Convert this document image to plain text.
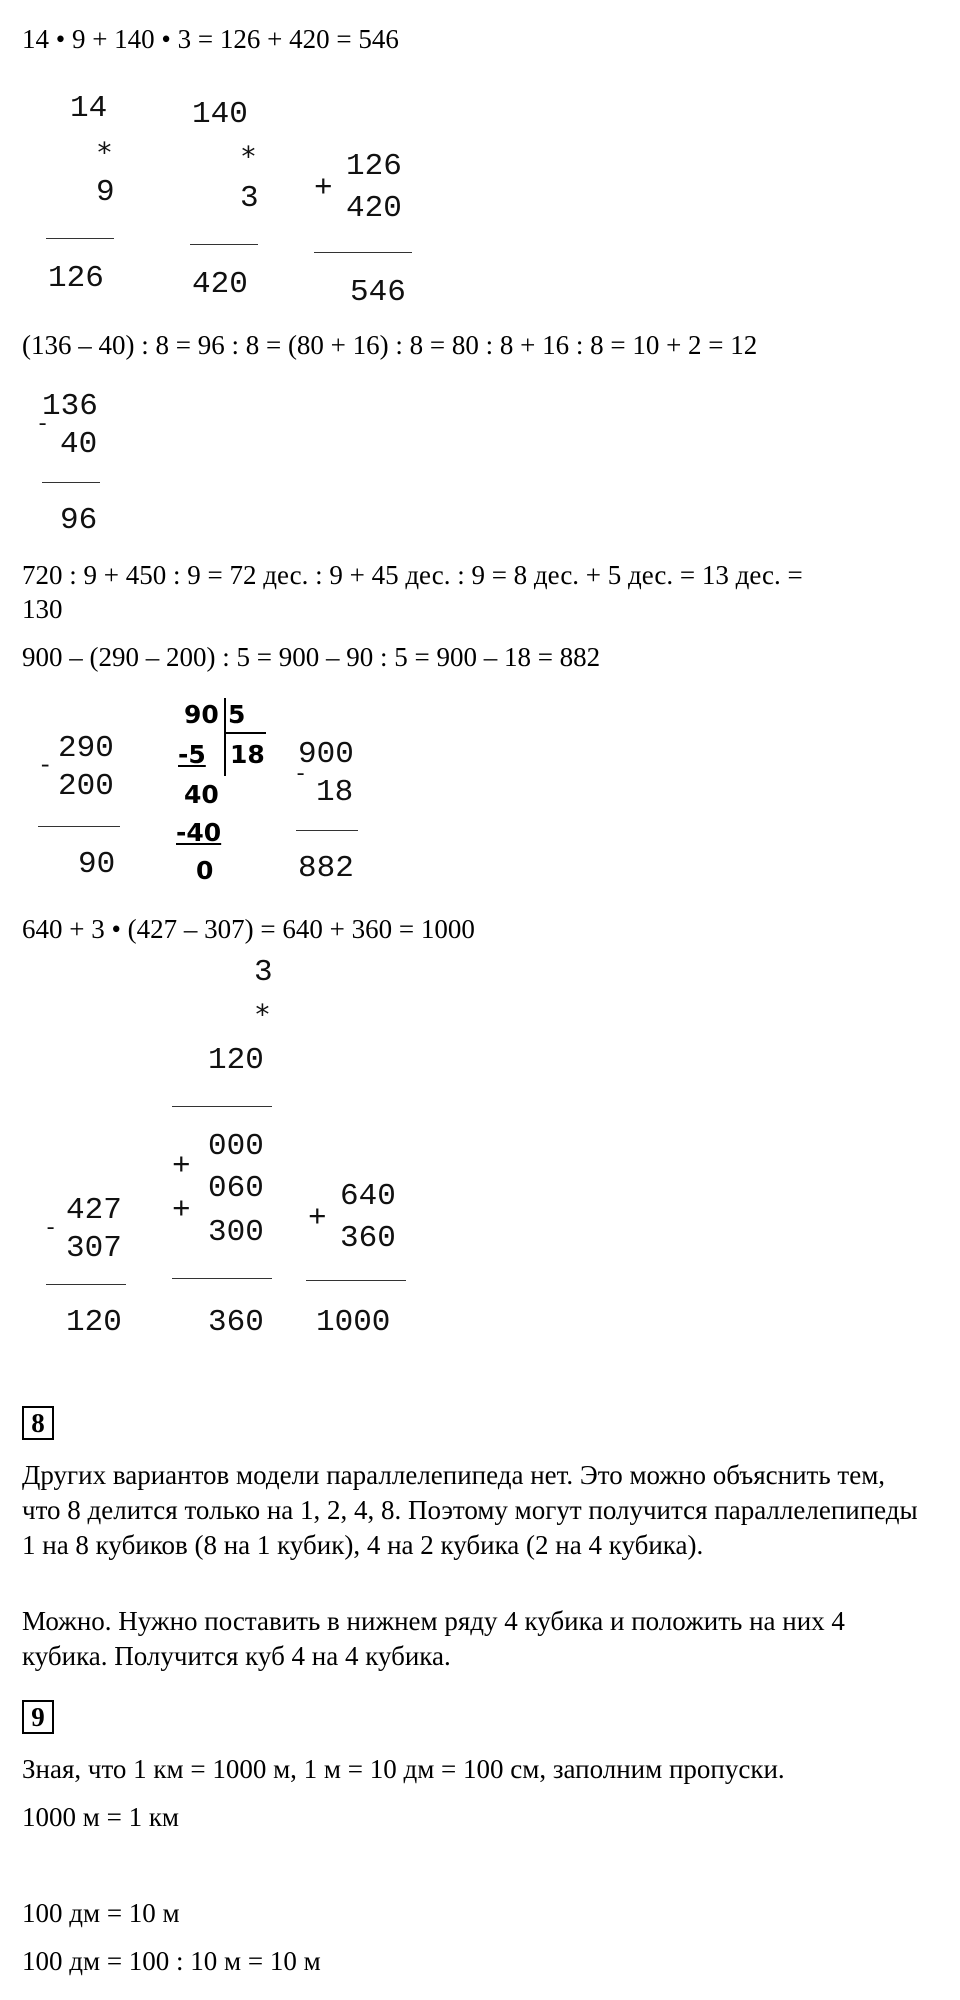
14 • 9 + 140 • 3 = 126 + 420 = 546
14
*
9
126
140
*
3
420
+
126
420
546
(136 – 40) : 8 = 96 : 8 = (80 + 16) : 8 = 80 : 8 + 16 : 8 = 10 + 2 = 12
-
136
40
96
720 : 9 + 450 : 9 = 72 дес. : 9 + 45 дес. : 9 = 8 дес. + 5 дес. = 13 дес. =
130
900 – (290 – 200) : 5 = 900 – 90 : 5 = 900 – 18 = 882
-
290
200
90
90 5
-5 18
40
-40
0
-
900
18
882
640 + 3 • (427 – 307) = 640 + 360 = 1000
3
*
120
+
+
000
060
300
360
-
427
307
120
+
640
360
1000
8
Других вариантов модели параллелепипеда нет. Это можно объяснить тем, что 8 делится только на 1, 2, 4, 8. Поэтому могут получится параллелепипеды 1 на 8 кубиков (8 на 1 кубик), 4 на 2 кубика (2 на 4 кубика).
Можно. Нужно поставить в нижнем ряду 4 кубика и положить на них 4 кубика. Получится куб 4 на 4 кубика.
9
Зная, что 1 км = 1000 м, 1 м = 10 дм = 100 см, заполним пропуски.
1000 м = 1 км
100 дм = 10 м
100 дм = 100 : 10 м = 10 м
